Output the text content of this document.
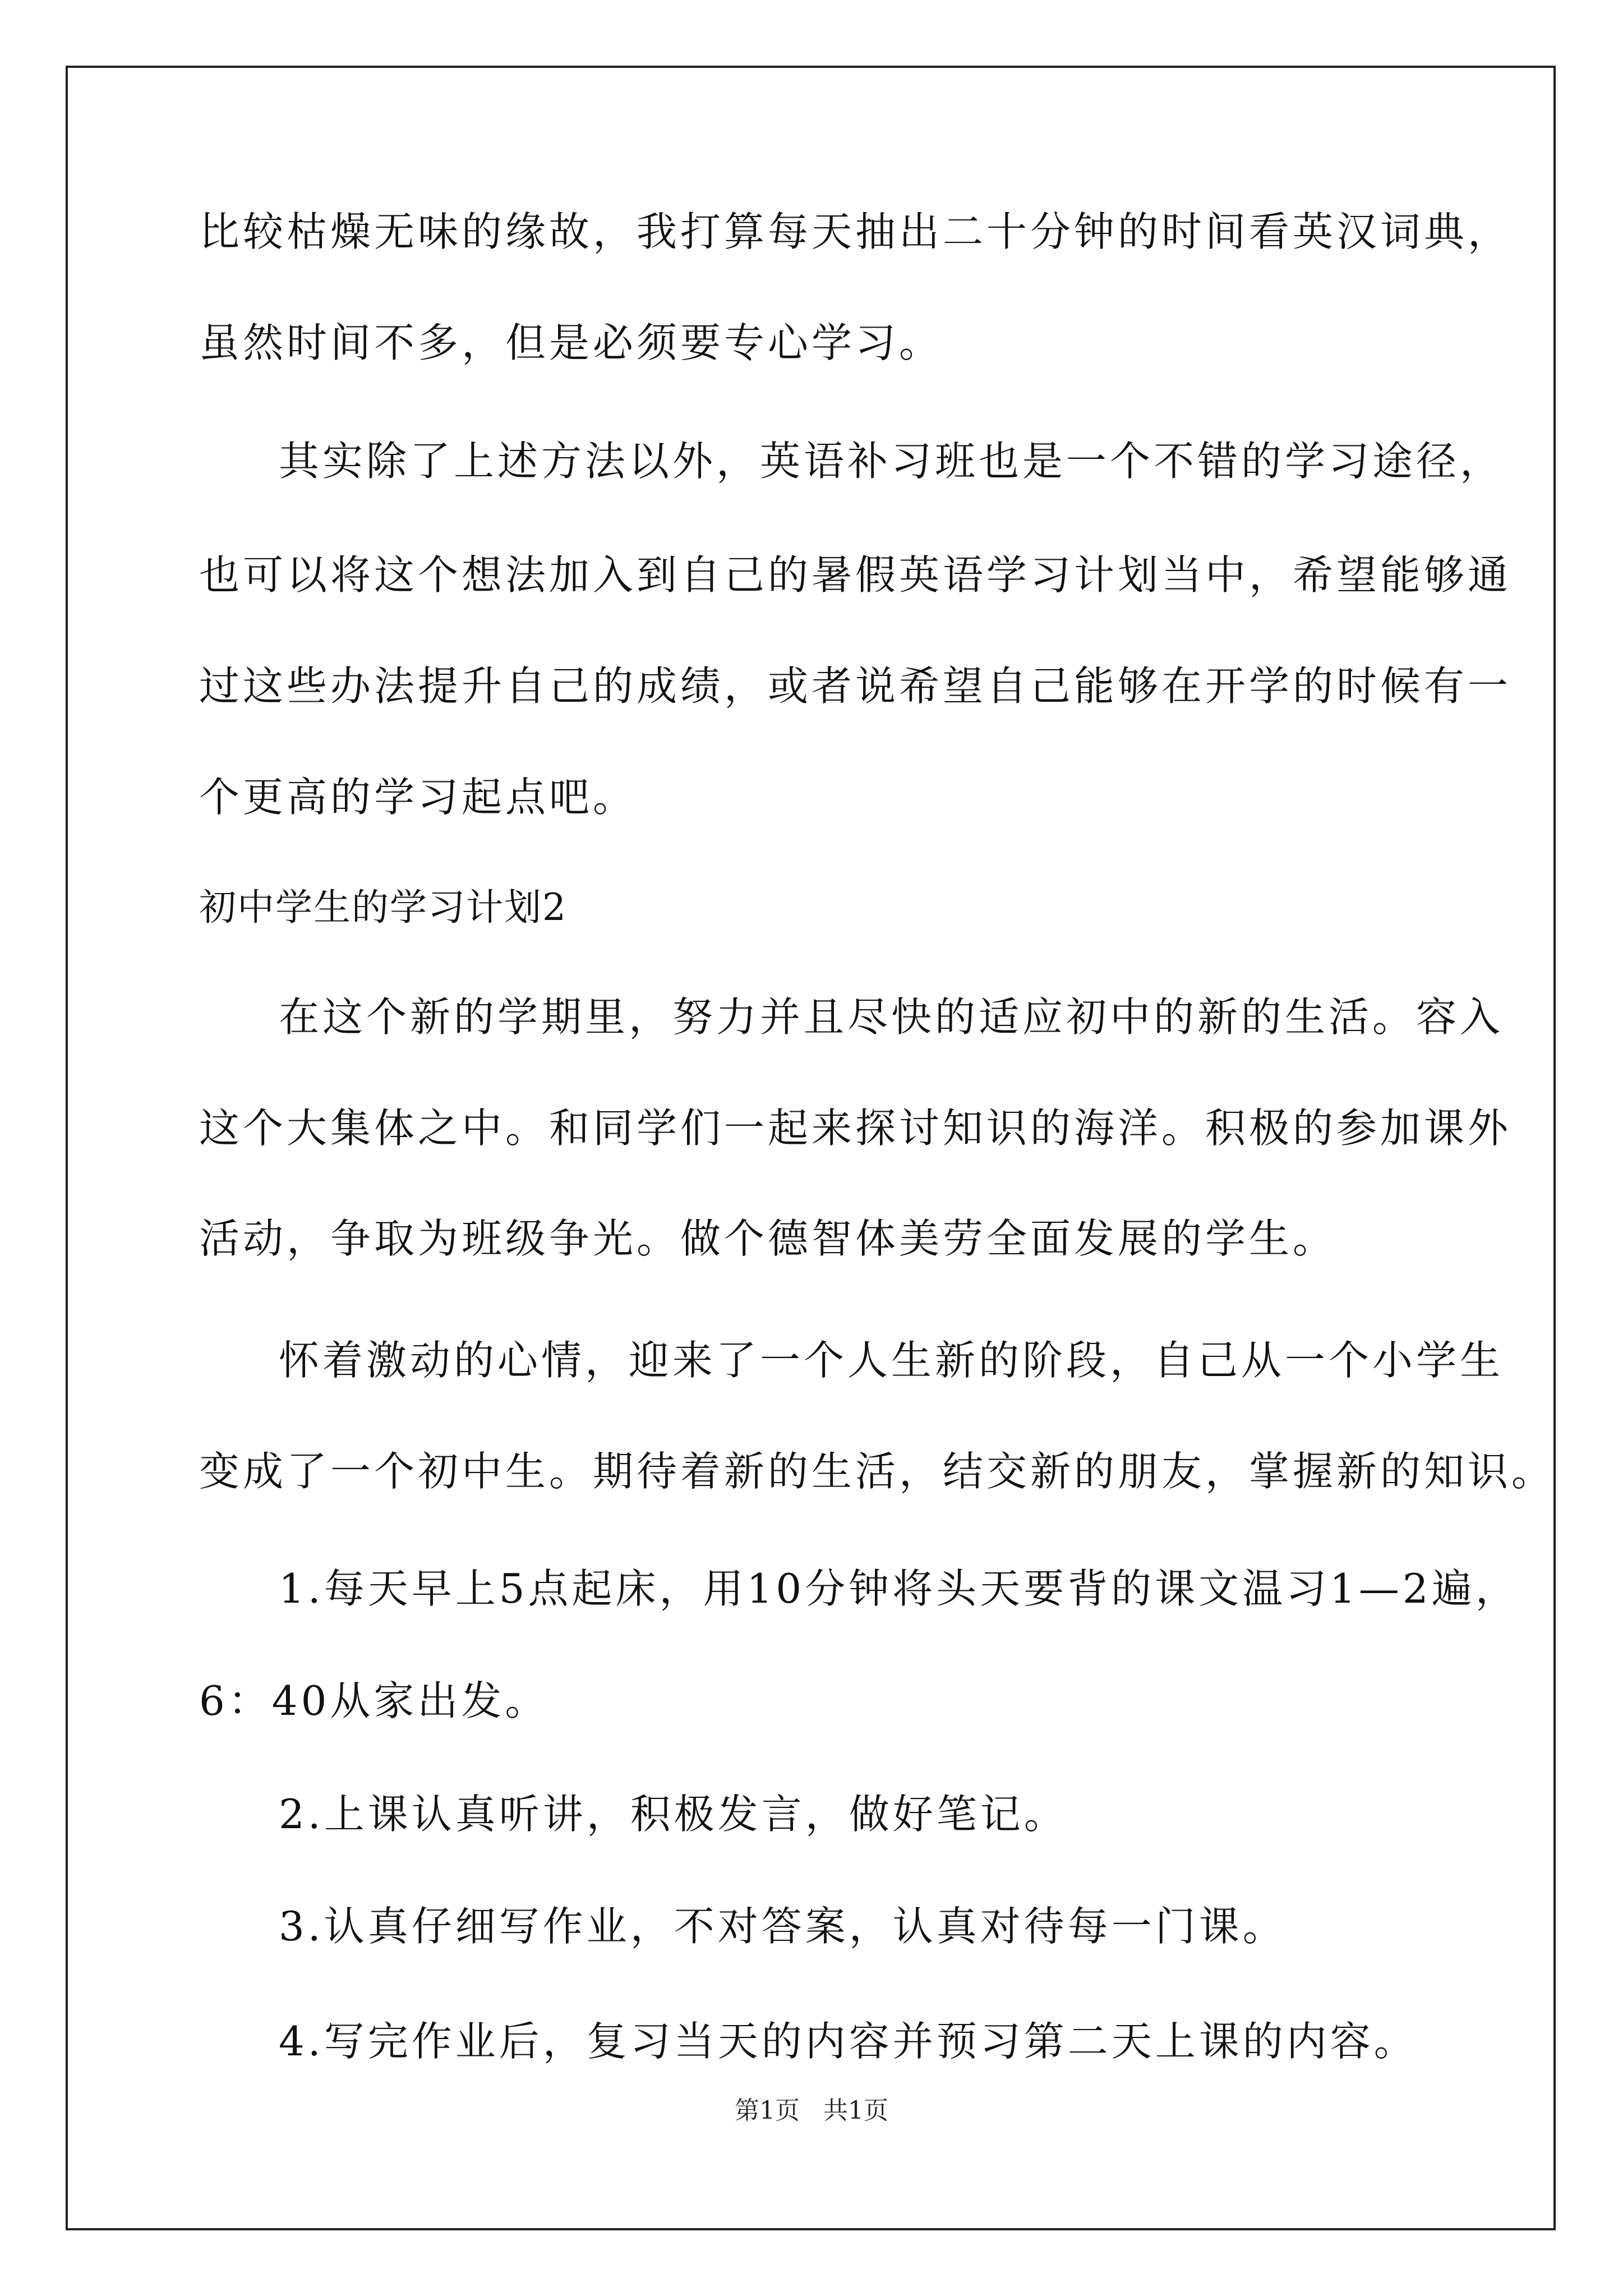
比较枯燥无味的缘故，我打算每天抽出二十分钟的时间看英汉词典，
虽然时间不多，但是必须要专心学习。
其实除了上述方法以外，英语补习班也是一个不错的学习途径，
也可以将这个想法加入到自己的暑假英语学习计划当中，希望能够通
过这些办法提升自己的成绩，或者说希望自己能够在开学的时候有一
个更高的学习起点吧。
初中学生的学习计划2
在这个新的学期里，努力并且尽快的适应初中的新的生活。容入
这个大集体之中。和同学们一起来探讨知识的海洋。积极的参加课外
活动，争取为班级争光。做个德智体美劳全面发展的学生。
怀着激动的心情，迎来了一个人生新的阶段，自己从一个小学生
变成了一个初中生。期待着新的生活，结交新的朋友，掌握新的知识。
1.每天早上5点起床，用10分钟将头天要背的课文温习1—2遍，
6：40从家出发。
2.上课认真听讲，积极发言，做好笔记。
3.认真仔细写作业，不对答案，认真对待每一门课。
4.写完作业后，复习当天的内容并预习第二天上课的内容。
第1页 共1页
